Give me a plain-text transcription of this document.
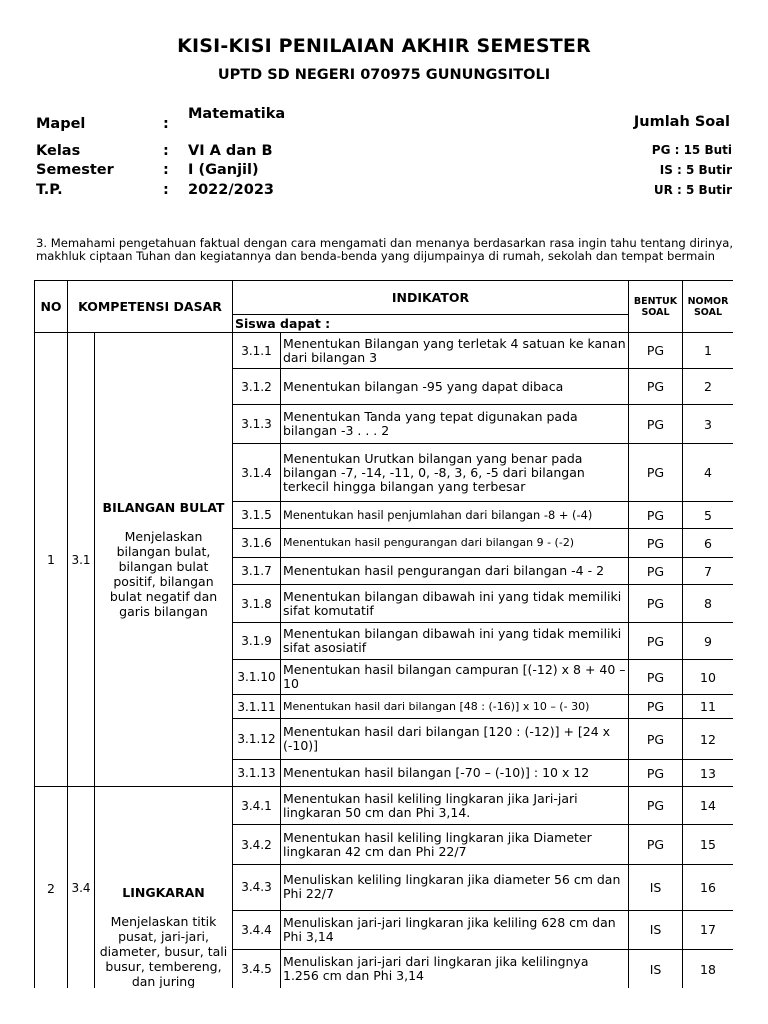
KISI-KISI PENILAIAN AKHIR SEMESTER
UPTD SD NEGERI 070975 GUNUNGSITOLI
Mapel	:
Matematika
Kelas	: VI A dan B
Semester	: I (Ganjil)
T.P.	: 2022/2023
Jumlah Soal
PG : 15 Buti
IS : 5 Butir
UR : 5 Butir
3. Memahami pengetahuan faktual dengan cara mengamati dan menanya berdasarkan rasa ingin tahu tentang dirinya, makhluk ciptaan Tuhan dan kegiatannya dan benda-benda yang dijumpainya di rumah, sekolah dan tempat bermain
NO	KOMPETENSI DASAR		INDIKATOR		BENTUK SOAL	NOMOR SOAL
			Siswa dapat :			
1	3.1	BILANGAN BULAT
Menjelaskan bilangan bulat, bilangan bulat positif, bilangan bulat negatif dan garis bilangan	3.1.1	Menentukan Bilangan yang terletak 4 satuan ke kanan dari bilangan 3	PG	1
			3.1.2	Menentukan bilangan -95 yang dapat dibaca	PG	2
			3.1.3	Menentukan Tanda yang tepat digunakan pada bilangan -3 . . . 2	PG	3
			3.1.4	Menentukan Urutkan bilangan yang benar pada bilangan -7, -14, -11, 0, -8, 3, 6, -5 dari bilangan terkecil hingga bilangan yang terbesar	PG	4
			3.1.5	Menentukan hasil penjumlahan dari bilangan -8 + (-4)	PG	5
			3.1.6	Menentukan hasil pengurangan dari bilangan 9 - (-2)	PG	6
			3.1.7	Menentukan hasil pengurangan dari bilangan -4 - 2	PG	7
			3.1.8	Menentukan bilangan dibawah ini yang tidak memiliki sifat komutatif	PG	8
			3.1.9	Menentukan bilangan dibawah ini yang tidak memiliki sifat asosiatif	PG	9
			3.1.10	Menentukan hasil bilangan campuran [(-12) x 8 + 40 – 10	PG	10
			3.1.11	Menentukan hasil dari bilangan [48 : (-16)] x 10 – (- 30)	PG	11
			3.1.12	Menentukan hasil dari bilangan [120 : (-12)] + [24 x (-10)]	PG	12
			3.1.13	Menentukan hasil bilangan [-70 – (-10)] : 10 x 12	PG	13
2	3.4	LINGKARAN
Menjelaskan titik pusat, jari-jari, diameter, busur, tali busur, tembereng, dan juring	3.4.1	Menentukan hasil keliling lingkaran jika Jari-jari lingkaran 50 cm dan Phi 3,14.	PG	14
			3.4.2	Menentukan hasil keliling lingkaran jika Diameter lingkaran 42 cm dan Phi 22/7	PG	15
			3.4.3	Menuliskan keliling lingkaran jika diameter 56 cm dan Phi 22/7	IS	16
			3.4.4	Menuliskan jari-jari lingkaran jika keliling 628 cm dan Phi 3,14	IS	17
			3.4.5	Menuliskan jari-jari dari lingkaran jika kelilingnya 1.256 cm dan Phi 3,14	IS	18
